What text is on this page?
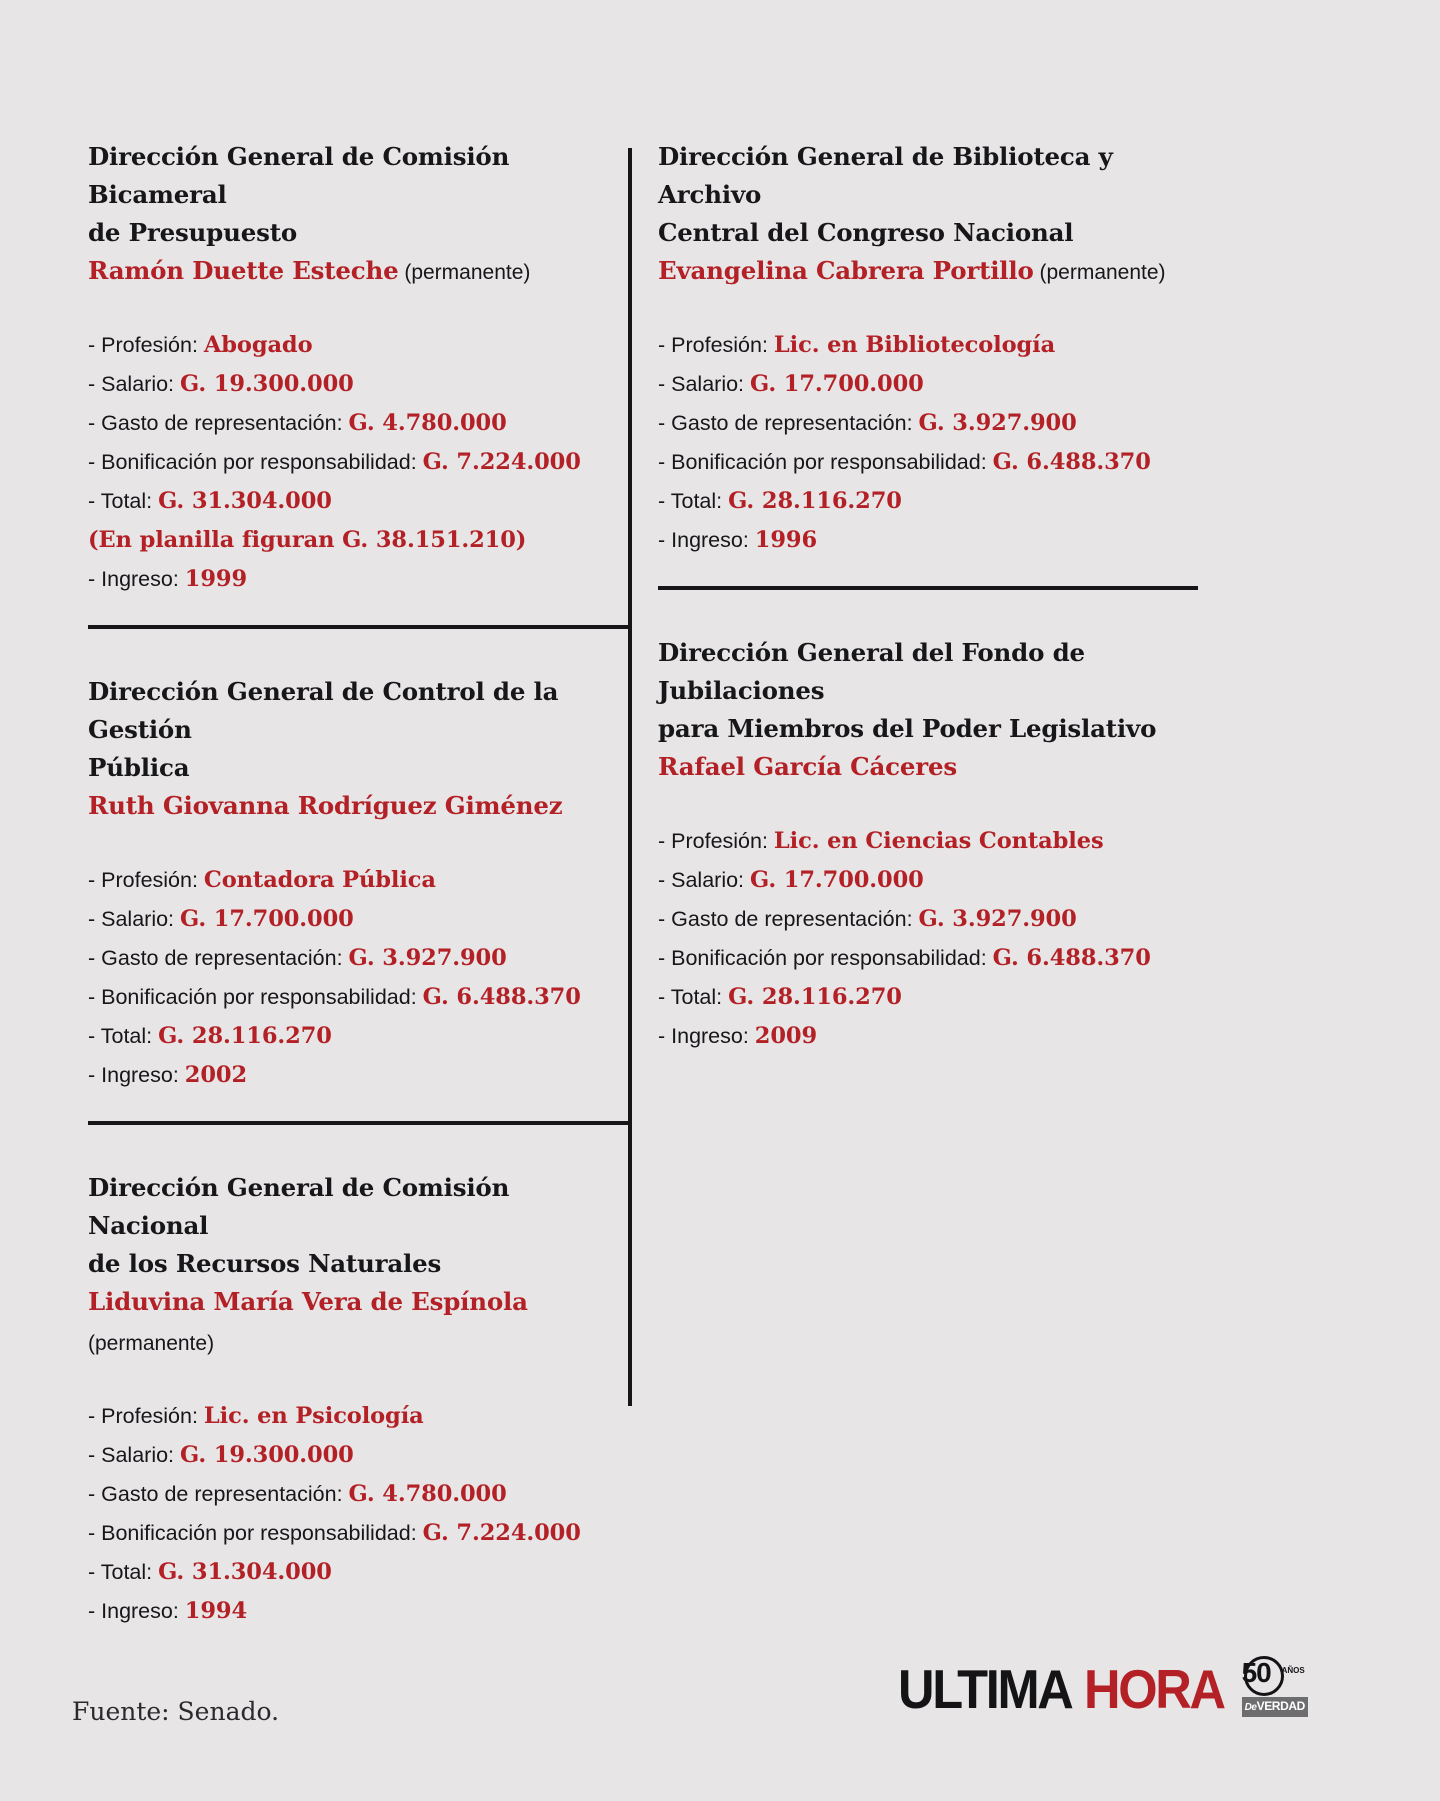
Dirección General de Comisión Bicameral
de Presupuesto
Ramón Duette Esteche (permanente)
- Profesión: Abogado
- Salario: G. 19.300.000
- Gasto de representación: G. 4.780.000
- Bonificación por responsabilidad: G. 7.224.000
- Total: G. 31.304.000
(En planilla figuran G. 38.151.210)
- Ingreso: 1999
Dirección General de Control de la Gestión
Pública
Ruth Giovanna Rodríguez Giménez
- Profesión: Contadora Pública
- Salario: G. 17.700.000
- Gasto de representación: G. 3.927.900
- Bonificación por responsabilidad: G. 6.488.370
- Total: G. 28.116.270
- Ingreso: 2002
Dirección General de Comisión Nacional
de los Recursos Naturales
Liduvina María Vera de Espínola (permanente)
- Profesión: Lic. en Psicología
- Salario: G. 19.300.000
- Gasto de representación: G. 4.780.000
- Bonificación por responsabilidad: G. 7.224.000
- Total: G. 31.304.000
- Ingreso: 1994
Dirección General de Biblioteca y Archivo
Central del Congreso Nacional
Evangelina Cabrera Portillo (permanente)
- Profesión: Lic. en Bibliotecología
- Salario: G. 17.700.000
- Gasto de representación: G. 3.927.900
- Bonificación por responsabilidad: G. 6.488.370
- Total: G. 28.116.270
- Ingreso: 1996
Dirección General del Fondo de Jubilaciones
para Miembros del Poder Legislativo
Rafael García Cáceres
- Profesión: Lic. en Ciencias Contables
- Salario: G. 17.700.000
- Gasto de representación: G. 3.927.900
- Bonificación por responsabilidad: G. 6.488.370
- Total: G. 28.116.270
- Ingreso: 2009
Fuente: Senado.	ULTIMA HORA 50 AÑOS
DeVERDAD
